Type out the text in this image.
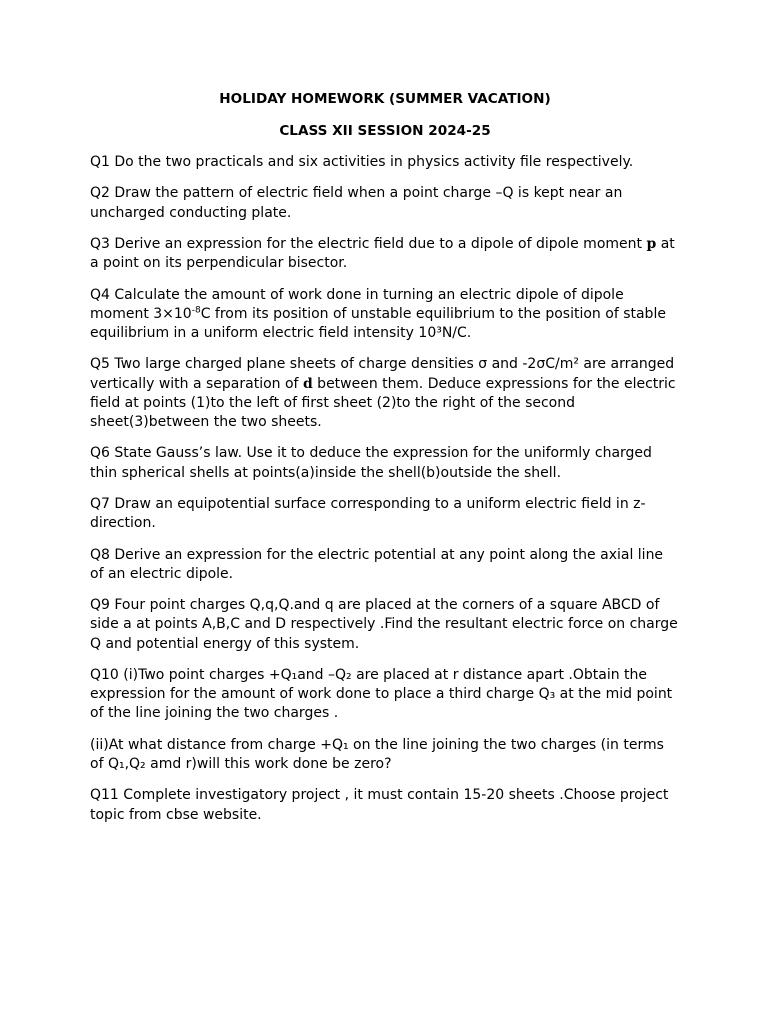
HOLIDAY HOMEWORK (SUMMER VACATION)

CLASS XII SESSION 2024-25

Q1 Do the two practicals and six activities in physics activity file respectively.

Q2 Draw the pattern of electric field when a point charge –Q is kept near an uncharged conducting plate.

Q3 Derive an expression for the electric field due to a dipole of dipole moment p at a point on its perpendicular bisector.

Q4 Calculate the amount of work done in turning an electric dipole of dipole moment $3\times 10^{-8}C$ from its position of unstable equilibrium to the position of stable equilibrium in a uniform electric field intensity 10³N/C.

Q5 Two large charged plane sheets of charge densities σ and -2σC/m² are arranged vertically with a separation of d between them. Deduce expressions for the electric field at points (1)to the left of first sheet (2)to the right of the second sheet(3)between the two sheets.

Q6 State Gauss’s law. Use it to deduce the expression for the uniformly charged thin spherical shells at points(a)inside the shell(b)outside the shell.

Q7 Draw an equipotential surface corresponding to a uniform electric field in z-direction.

Q8 Derive an expression for the electric potential at any point along the axial line of an electric dipole.

Q9 Four point charges Q,q,Q.and q are placed at the corners of a square ABCD of side a at points A,B,C and D respectively .Find the resultant electric force on charge Q and potential energy of this system.

Q10 (i)Two point charges +Q₁and –Q₂ are placed at r distance apart .Obtain the expression for the amount of work done to place a third charge Q₃ at the mid point of the line joining the two charges .

(ii)At what distance from charge +Q₁ on the line joining the two charges (in terms of Q₁,Q₂ amd r)will this work done be zero?

Q11 Complete investigatory project , it must contain 15-20 sheets .Choose project topic from cbse website.
